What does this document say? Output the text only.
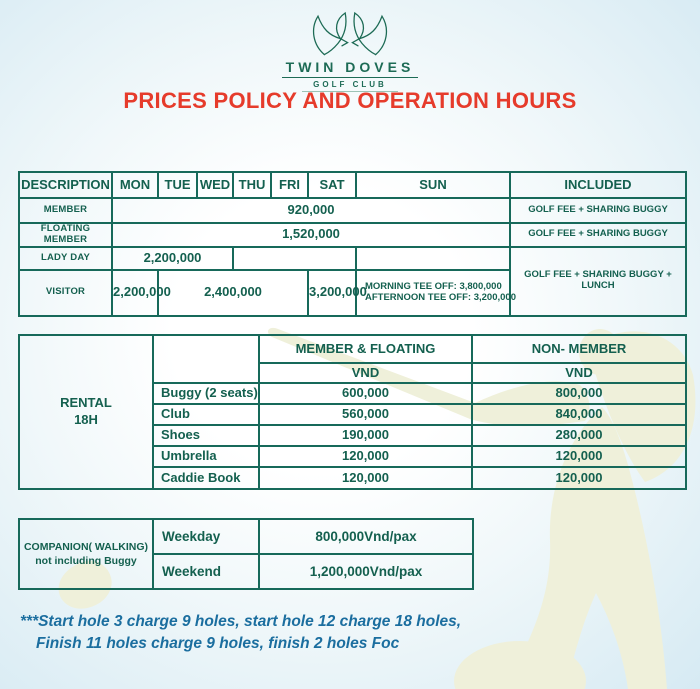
TWIN DOVES
GOLF CLUB
PRICES POLICY AND OPERATION HOURS
DESCRIPTION	MON	TUE	WED	THU	FRI	SAT	SUN	INCLUDED
MEMBER	920,000							GOLF FEE + SHARING BUGGY
FLOATING MEMBER	1,520,000							GOLF FEE + SHARING BUGGY
LADY DAY	2,200,000							GOLF FEE + SHARING BUGGY + LUNCH
VISITOR	2,200,000	2,400,000				3,200,000	MORNING TEE OFF: 3,800,000
AFTERNOON TEE OFF: 3,200,000	
RENTAL
18H		MEMBER & FLOATING	NON- MEMBER
		VND	VND
	Buggy (2 seats)	600,000	800,000
	Club	560,000	840,000
	Shoes	190,000	280,000
	Umbrella	120,000	120,000
	Caddie Book	120,000	120,000
COMPANION( WALKING)
not including Buggy	Weekday	800,000Vnd/pax
	Weekend	1,200,000Vnd/pax
***Start hole 3 charge 9 holes, start hole 12 charge 18 holes,
Finish 11 holes charge 9 holes, finish 2 holes Foc
